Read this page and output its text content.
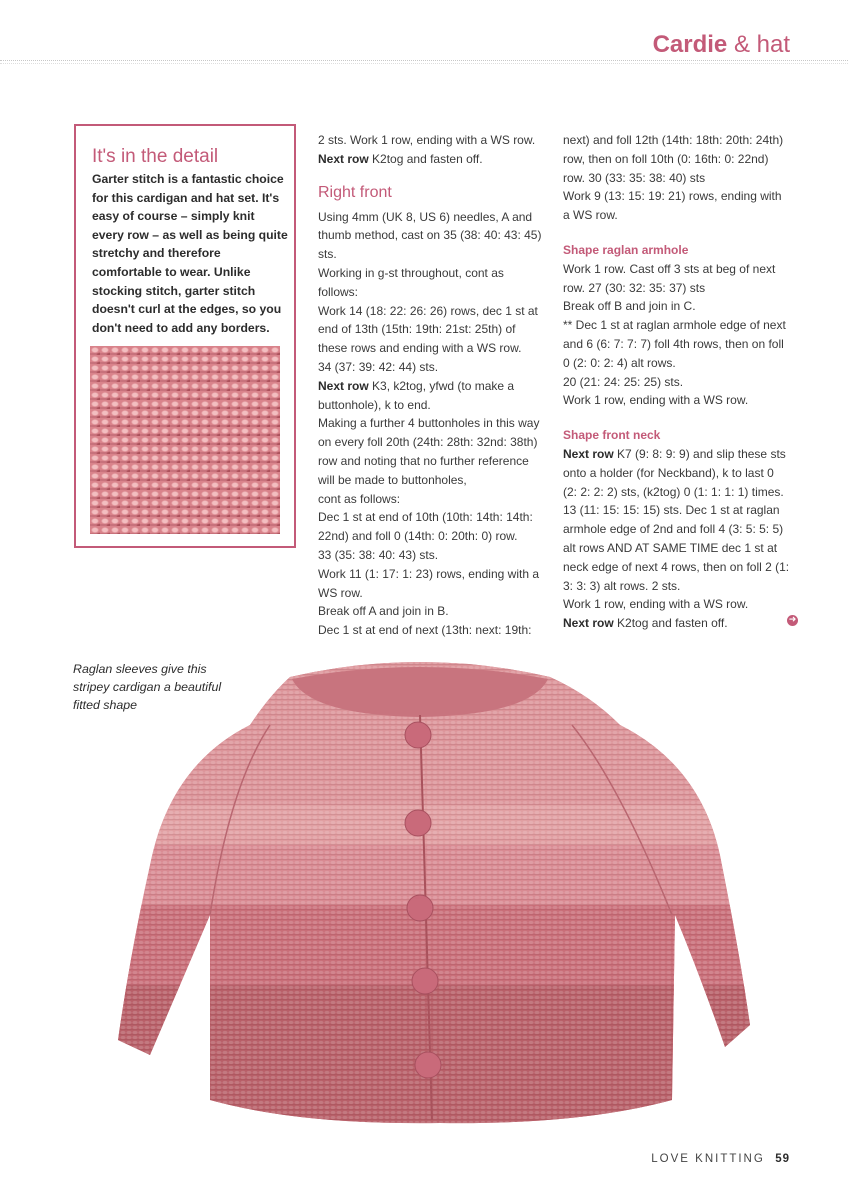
Cardie & hat
It's in the detail
Garter stitch is a fantastic choice for this cardigan and hat set. It's easy of course – simply knit every row – as well as being quite stretchy and therefore comfortable to wear. Unlike stocking stitch, garter stitch doesn't curl at the edges, so you don't need to add any borders.

2 sts. Work 1 row, ending with a WS row.

Next row K2tog and fasten off.

Right front

Using 4mm (UK 8, US 6) needles, A and thumb method, cast on 35 (38: 40: 43: 45) sts.

Working in g-st throughout, cont as follows:

Work 14 (18: 22: 26: 26) rows, dec 1 st at end of 13th (15th: 19th: 21st: 25th) of these rows and ending with a WS row.

34 (37: 39: 42: 44) sts.

Next row K3, k2tog, yfwd (to make a buttonhole), k to end.

Making a further 4 buttonholes in this way on every foll 20th (24th: 28th: 32nd: 38th) row and noting that no further reference will be made to buttonholes,

cont as follows:

Dec 1 st at end of 10th (10th: 14th: 14th: 22nd) and foll 0 (14th: 0: 20th: 0) row.

33 (35: 38: 40: 43) sts.

Work 11 (1: 17: 1: 23) rows, ending with a WS row.

Break off A and join in B.

Dec 1 st at end of next (13th: next: 19th:

next) and foll 12th (14th: 18th: 20th: 24th) row, then on foll 10th (0: 16th: 0: 22nd) row. 30 (33: 35: 38: 40) sts

Work 9 (13: 15: 19: 21) rows, ending with a WS row.

Shape raglan armhole

Work 1 row. Cast off 3 sts at beg of next row. 27 (30: 32: 35: 37) sts

Break off B and join in C.

** Dec 1 st at raglan armhole edge of next and 6 (6: 7: 7: 7) foll 4th rows, then on foll 0 (2: 0: 2: 4) alt rows.

20 (21: 24: 25: 25) sts.

Work 1 row, ending with a WS row.

Shape front neck

Next row K7 (9: 8: 9: 9) and slip these sts onto a holder (for Neckband), k to last 0 (2: 2: 2: 2) sts, (k2tog) 0 (1: 1: 1: 1) times. 13 (11: 15: 15: 15) sts. Dec 1 st at raglan armhole edge of 2nd and foll 4 (3: 5: 5: 5) alt rows AND AT SAME TIME dec 1 st at neck edge of next 4 rows, then on foll 2 (1: 3: 3: 3) alt rows. 2 sts.

Work 1 row, ending with a WS row.

Next row K2tog and fasten off.	➜
Raglan sleeves give this stripey cardigan a beautiful fitted shape
LOVE KNITTING 59
